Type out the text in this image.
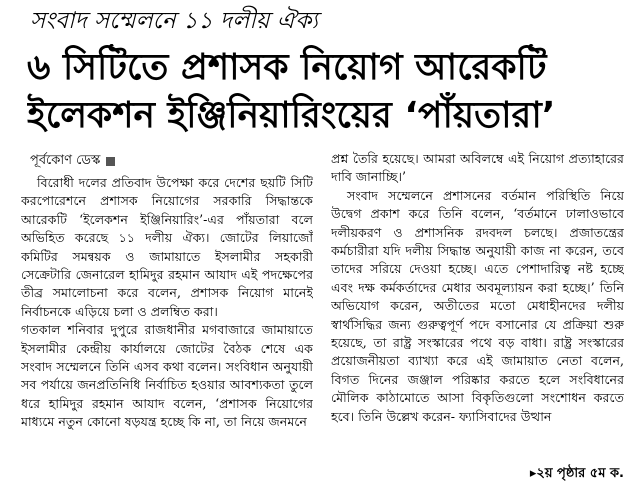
সংবাদ সম্মেলনে ১১ দলীয় ঐক্য
৬ সিটিতে প্রশাসক নিয়োগ আরেকটি
ইলেকশন ইঞ্জিনিয়ারিংয়ের ‘পাঁয়তারা’
পূর্বকোণ ডেস্ক

বিরোধী দলের প্রতিবাদ উপেক্ষা করে দেশের ছয়টি সিটি করপোরেশনে প্রশাসক নিয়োগের সরকারি সিদ্ধান্তকে আরেকটি ‘ইলেকশন ইঞ্জিনিয়ারিং’-এর পাঁয়তারা বলে অভিহিত করেছে ১১ দলীয় ঐক্য। জোটের লিয়াজোঁ কমিটির সমন্বয়ক ও জামায়াতে ইসলামীর সহকারী সেক্রেটারি জেনারেল হামিদুর রহমান আযাদ এই পদক্ষেপের তীব্র সমালোচনা করে বলেন, প্রশাসক নিয়োগ মানেই নির্বাচনকে এড়িয়ে চলা ও প্রলম্বিত করা।

গতকাল শনিবার দুপুরে রাজধানীর মগবাজারে জামায়াতে ইসলামীর কেন্দ্রীয় কার্যালয়ে জোটের বৈঠক শেষে এক সংবাদ সম্মেলনে তিনি এসব কথা বলেন। সংবিধান অনুযায়ী সব পর্যায়ে জনপ্রতিনিধি নির্বাচিত হওয়ার আবশ্যকতা তুলে ধরে হামিদুর রহমান আযাদ বলেন, ‘প্রশাসক নিয়োগের মাধ্যমে নতুন কোনো ষড়যন্ত্র হচ্ছে কি না, তা নিয়ে জনমনে

প্রশ্ন তৈরি হয়েছে। আমরা অবিলম্বে এই নিয়োগ প্রত্যাহারের দাবি জানাচ্ছি।’

সংবাদ সম্মেলনে প্রশাসনের বর্তমান পরিস্থিতি নিয়ে উদ্বেগ প্রকাশ করে তিনি বলেন, ‘বর্তমানে ঢালাওভাবে দলীয়করণ ও প্রশাসনিক রদবদল চলছে। প্রজাতন্ত্রের কর্মচারীরা যদি দলীয় সিদ্ধান্ত অনুযায়ী কাজ না করেন, তবে তাদের সরিয়ে দেওয়া হচ্ছে। এতে পেশাদারিত্ব নষ্ট হচ্ছে এবং দক্ষ কর্মকর্তাদের মেধার অবমূল্যায়ন করা হচ্ছে।’ তিনি অভিযোগ করেন, অতীতের মতো মেধাহীনদের দলীয় স্বার্থসিদ্ধির জন্য গুরুত্বপূর্ণ পদে বসানোর যে প্রক্রিয়া শুরু হয়েছে, তা রাষ্ট্র সংস্কারের পথে বড় বাধা। রাষ্ট্র সংস্কারের প্রয়োজনীয়তা ব্যাখ্যা করে এই জামায়াত নেতা বলেন, বিগত দিনের জঞ্জাল পরিষ্কার করতে হলে সংবিধানের মৌলিক কাঠামোতে আসা বিকৃতিগুলো সংশোধন করতে হবে। তিনি উল্লেখ করেন- ফ্যাসিবাদের উত্থান

▸২য় পৃষ্ঠার ৫ম ক.
